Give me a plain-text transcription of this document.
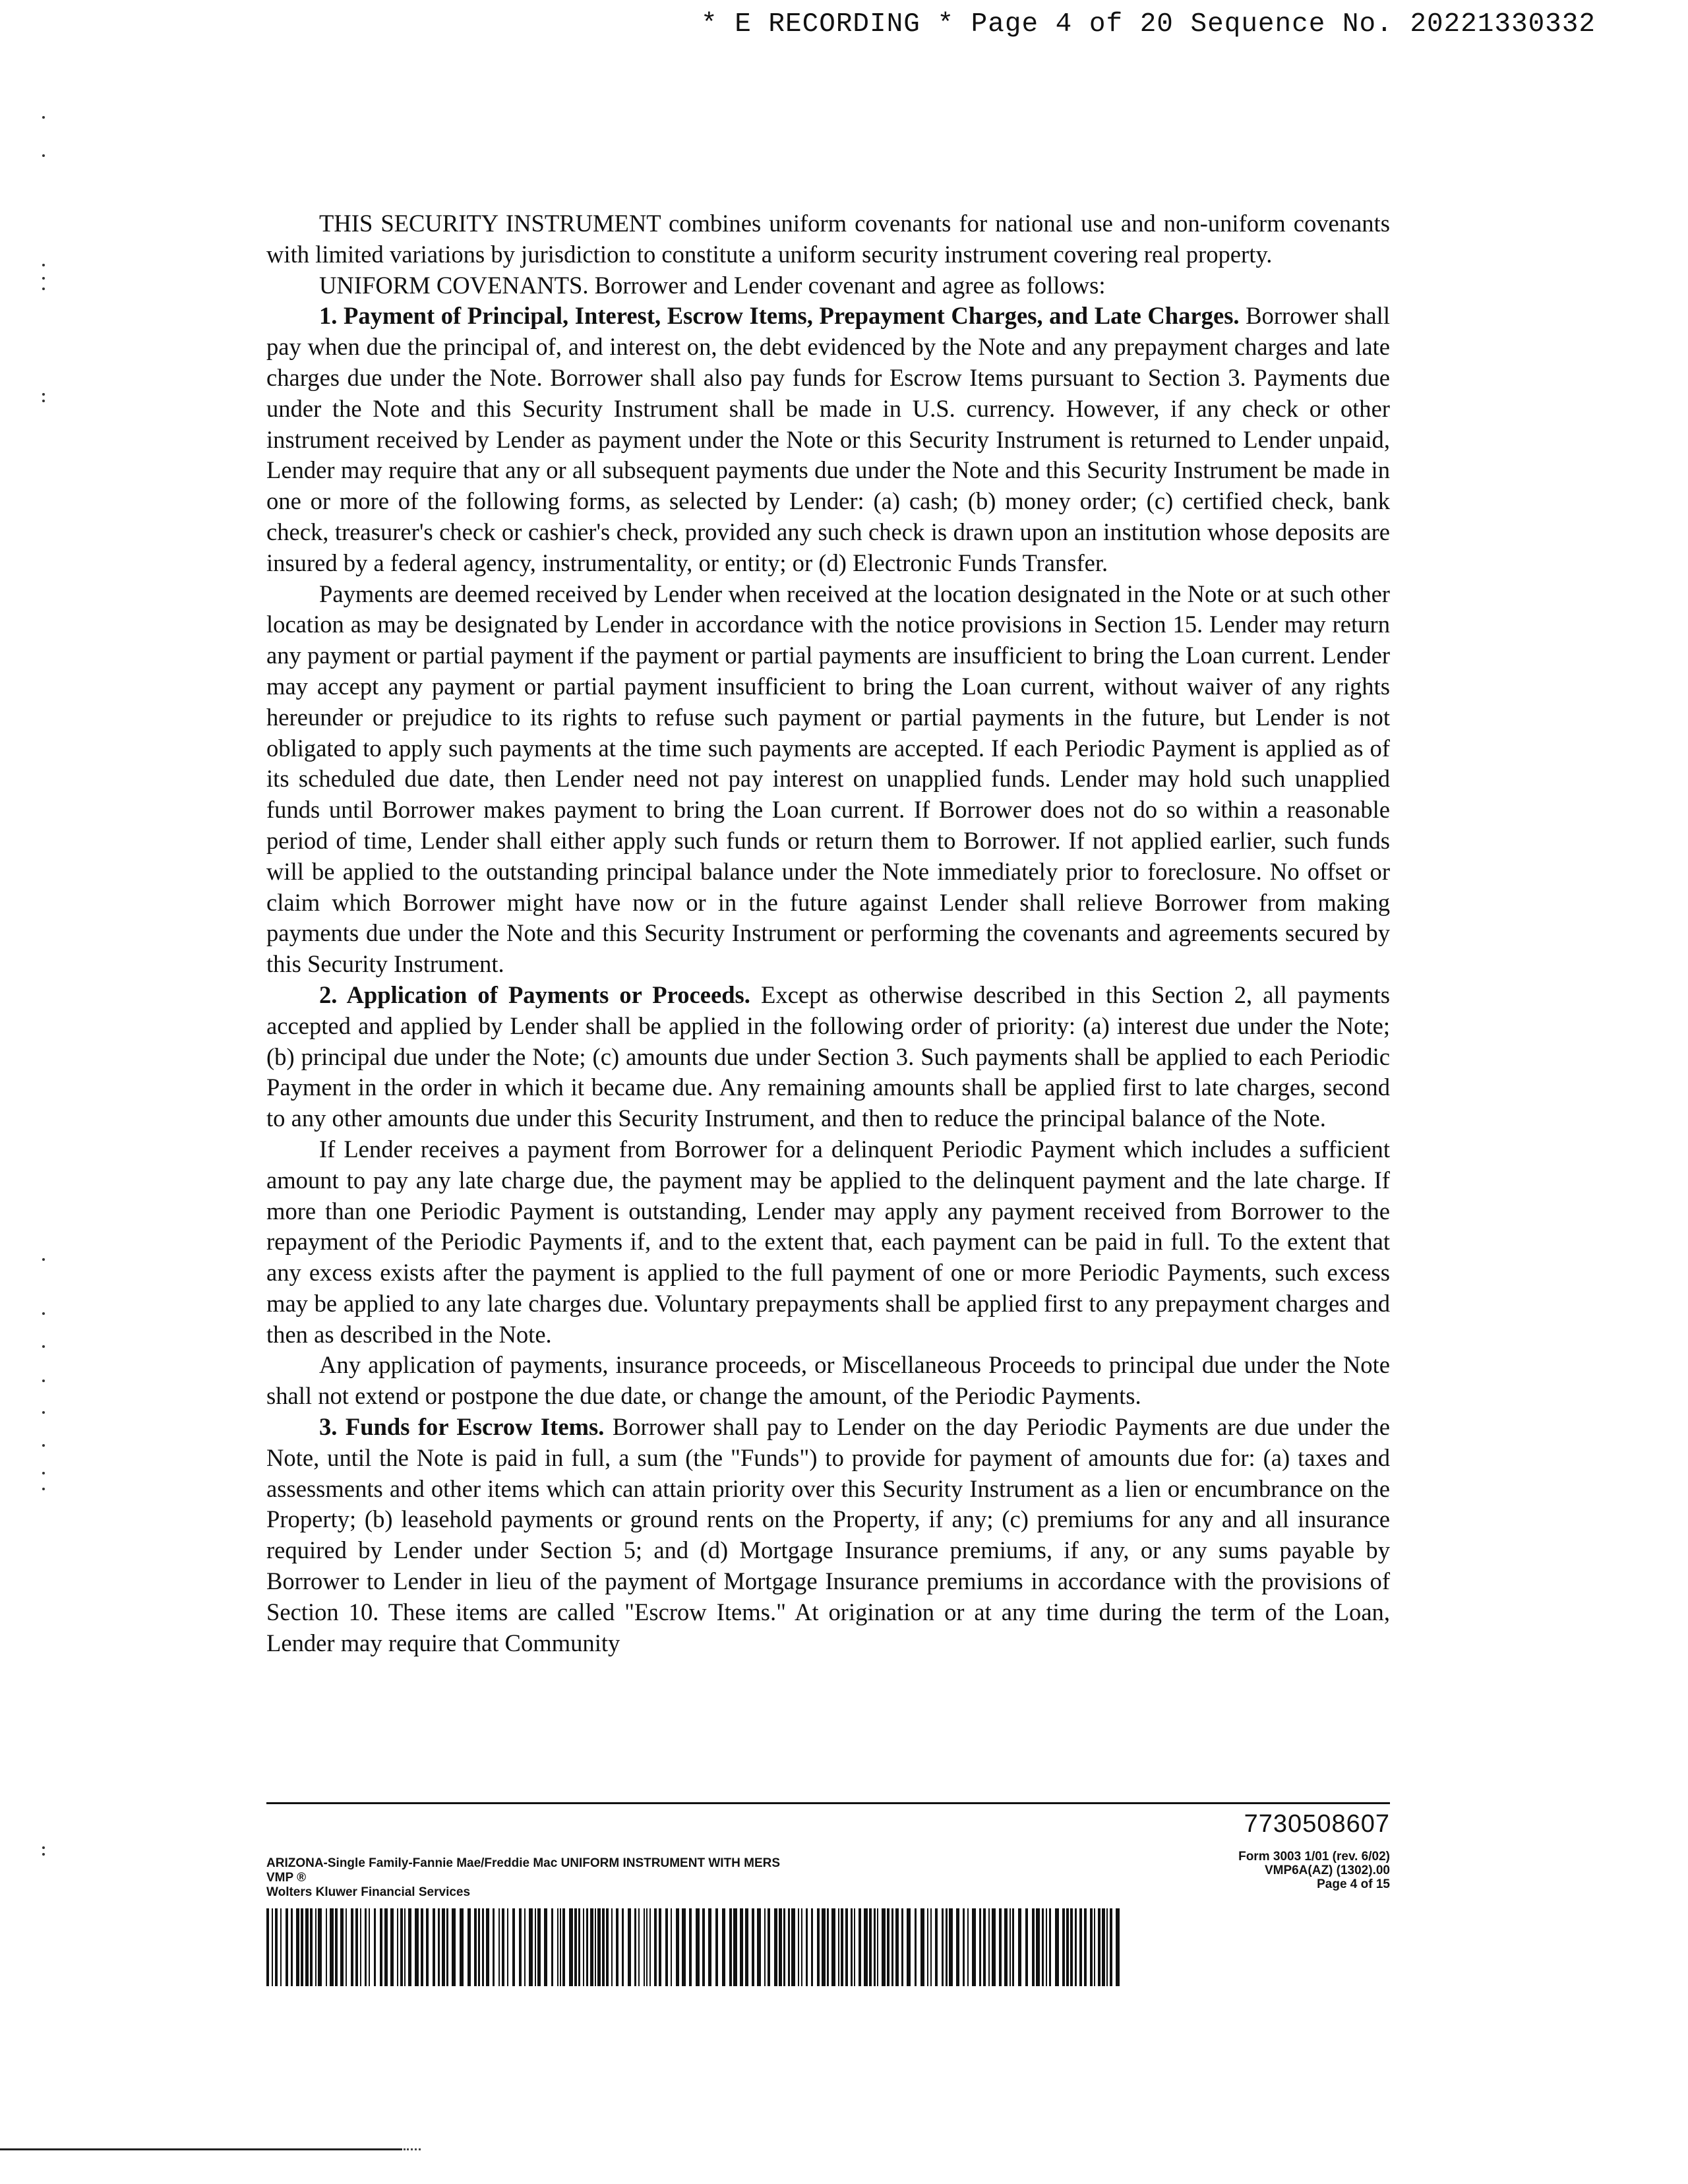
* E RECORDING * Page 4 of 20 Sequence No. 20221330332

THIS SECURITY INSTRUMENT combines uniform covenants for national use and non-uniform covenants with limited variations by jurisdiction to constitute a uniform security instrument covering real property.

UNIFORM COVENANTS. Borrower and Lender covenant and agree as follows:

1. Payment of Principal, Interest, Escrow Items, Prepayment Charges, and Late Charges. Borrower shall pay when due the principal of, and interest on, the debt evidenced by the Note and any prepayment charges and late charges due under the Note. Borrower shall also pay funds for Escrow Items pursuant to Section 3. Payments due under the Note and this Security Instrument shall be made in U.S. currency. However, if any check or other instrument received by Lender as payment under the Note or this Security Instrument is returned to Lender unpaid, Lender may require that any or all subsequent payments due under the Note and this Security Instrument be made in one or more of the following forms, as selected by Lender: (a) cash; (b) money order; (c) certified check, bank check, treasurer's check or cashier's check, provided any such check is drawn upon an institution whose deposits are insured by a federal agency, instrumentality, or entity; or (d) Electronic Funds Transfer.

Payments are deemed received by Lender when received at the location designated in the Note or at such other location as may be designated by Lender in accordance with the notice provisions in Section 15. Lender may return any payment or partial payment if the payment or partial payments are insufficient to bring the Loan current. Lender may accept any payment or partial payment insufficient to bring the Loan current, without waiver of any rights hereunder or prejudice to its rights to refuse such payment or partial payments in the future, but Lender is not obligated to apply such payments at the time such payments are accepted. If each Periodic Payment is applied as of its scheduled due date, then Lender need not pay interest on unapplied funds. Lender may hold such unapplied funds until Borrower makes payment to bring the Loan current. If Borrower does not do so within a reasonable period of time, Lender shall either apply such funds or return them to Borrower. If not applied earlier, such funds will be applied to the outstanding principal balance under the Note immediately prior to foreclosure. No offset or claim which Borrower might have now or in the future against Lender shall relieve Borrower from making payments due under the Note and this Security Instrument or performing the covenants and agreements secured by this Security Instrument.

2. Application of Payments or Proceeds. Except as otherwise described in this Section 2, all payments accepted and applied by Lender shall be applied in the following order of priority: (a) interest due under the Note; (b) principal due under the Note; (c) amounts due under Section 3. Such payments shall be applied to each Periodic Payment in the order in which it became due. Any remaining amounts shall be applied first to late charges, second to any other amounts due under this Security Instrument, and then to reduce the principal balance of the Note.

If Lender receives a payment from Borrower for a delinquent Periodic Payment which includes a sufficient amount to pay any late charge due, the payment may be applied to the delinquent payment and the late charge. If more than one Periodic Payment is outstanding, Lender may apply any payment received from Borrower to the repayment of the Periodic Payments if, and to the extent that, each payment can be paid in full. To the extent that any excess exists after the payment is applied to the full payment of one or more Periodic Payments, such excess may be applied to any late charges due. Voluntary prepayments shall be applied first to any prepayment charges and then as described in the Note.

Any application of payments, insurance proceeds, or Miscellaneous Proceeds to principal due under the Note shall not extend or postpone the due date, or change the amount, of the Periodic Payments.

3. Funds for Escrow Items. Borrower shall pay to Lender on the day Periodic Payments are due under the Note, until the Note is paid in full, a sum (the "Funds") to provide for payment of amounts due for: (a) taxes and assessments and other items which can attain priority over this Security Instrument as a lien or encumbrance on the Property; (b) leasehold payments or ground rents on the Property, if any; (c) premiums for any and all insurance required by Lender under Section 5; and (d) Mortgage Insurance premiums, if any, or any sums payable by Borrower to Lender in lieu of the payment of Mortgage Insurance premiums in accordance with the provisions of Section 10. These items are called "Escrow Items." At origination or at any time during the term of the Loan, Lender may require that Community

7730508607
ARIZONA-Single Family-Fannie Mae/Freddie Mac UNIFORM INSTRUMENT WITH MERS
VMP ®
Wolters Kluwer Financial Services
Form 3003 1/01 (rev. 6/02)
VMP6A(AZ) (1302).00
Page 4 of 15
